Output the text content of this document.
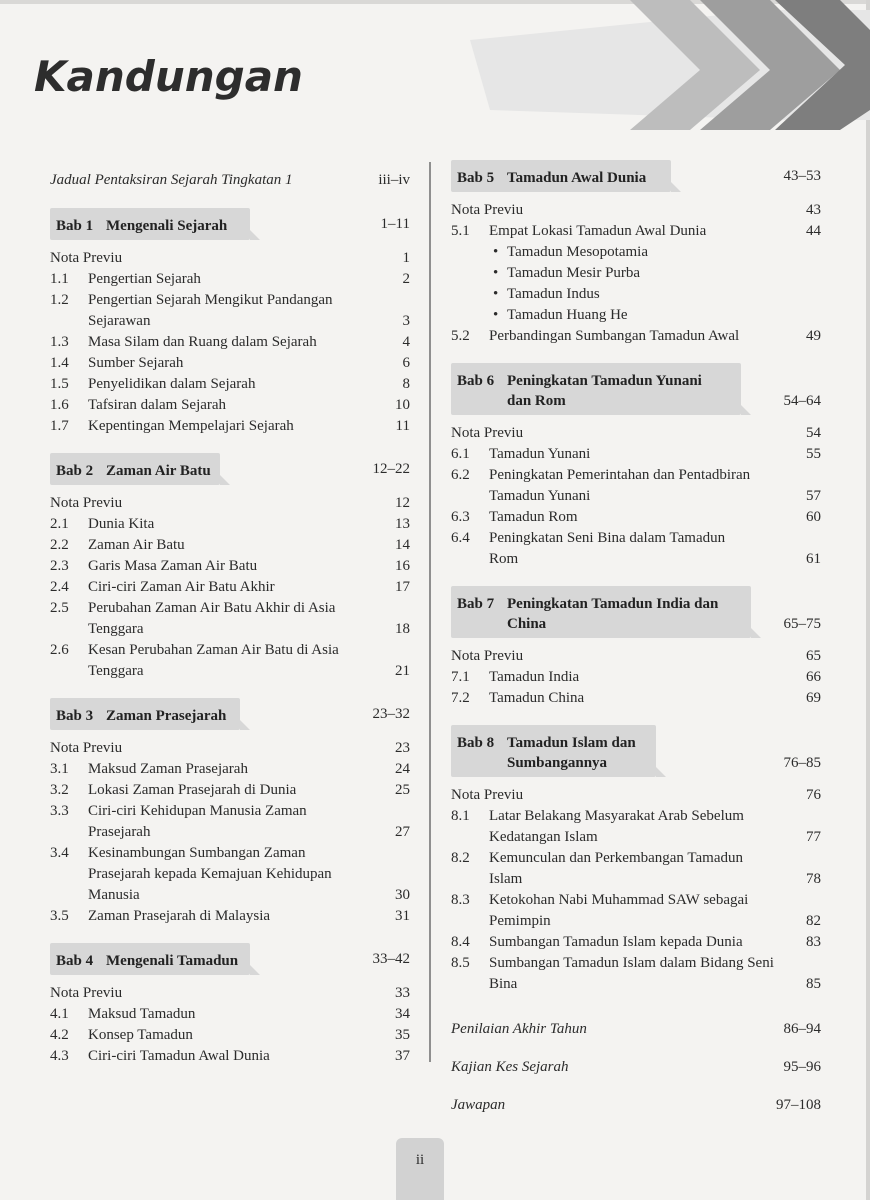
Kandungan
Jadual Pentaksiran Sejarah Tingkatan 1	iii–iv
Bab 1 Mengenali Sejarah	1–11
Nota Previu	1
1.1 Pengertian Sejarah	2
1.2 Pengertian Sejarah Mengikut Pandangan
Sejarawan	3
1.3 Masa Silam dan Ruang dalam Sejarah	4
1.4 Sumber Sejarah	6
1.5 Penyelidikan dalam Sejarah	8
1.6 Tafsiran dalam Sejarah	10
1.7 Kepentingan Mempelajari Sejarah	11
Bab 2 Zaman Air Batu	12–22
Nota Previu	12
2.1 Dunia Kita	13
2.2 Zaman Air Batu	14
2.3 Garis Masa Zaman Air Batu	16
2.4 Ciri-ciri Zaman Air Batu Akhir	17
2.5 Perubahan Zaman Air Batu Akhir di Asia
Tenggara	18
2.6 Kesan Perubahan Zaman Air Batu di Asia
Tenggara	21
Bab 3 Zaman Prasejarah	23–32
Nota Previu	23
3.1 Maksud Zaman Prasejarah	24
3.2 Lokasi Zaman Prasejarah di Dunia	25
3.3 Ciri-ciri Kehidupan Manusia Zaman
Prasejarah	27
3.4 Kesinambungan Sumbangan Zaman
Prasejarah kepada Kemajuan Kehidupan
Manusia	30
3.5 Zaman Prasejarah di Malaysia	31
Bab 4 Mengenali Tamadun	33–42
Nota Previu	33
4.1 Maksud Tamadun	34
4.2 Konsep Tamadun	35
4.3 Ciri-ciri Tamadun Awal Dunia	37
Bab 5 Tamadun Awal Dunia	43–53
Nota Previu	43
5.1 Empat Lokasi Tamadun Awal Dunia	44
• Tamadun Mesopotamia
• Tamadun Mesir Purba
• Tamadun Indus
• Tamadun Huang He
5.2 Perbandingan Sumbangan Tamadun Awal	49
Bab 6 Peningkatan Tamadun Yunani
dan Rom	54–64
Nota Previu	54
6.1 Tamadun Yunani	55
6.2 Peningkatan Pemerintahan dan Pentadbiran
Tamadun Yunani	57
6.3 Tamadun Rom	60
6.4 Peningkatan Seni Bina dalam Tamadun
Rom	61
Bab 7 Peningkatan Tamadun India dan
China	65–75
Nota Previu	65
7.1 Tamadun India	66
7.2 Tamadun China	69
Bab 8 Tamadun Islam dan
Sumbangannya	76–85
Nota Previu	76
8.1 Latar Belakang Masyarakat Arab Sebelum
Kedatangan Islam	77
8.2 Kemunculan dan Perkembangan Tamadun
Islam	78
8.3 Ketokohan Nabi Muhammad SAW sebagai
Pemimpin	82
8.4 Sumbangan Tamadun Islam kepada Dunia	83
8.5 Sumbangan Tamadun Islam dalam Bidang Seni
Bina	85
Penilaian Akhir Tahun	86–94
Kajian Kes Sejarah	95–96
Jawapan	97–108
ii
